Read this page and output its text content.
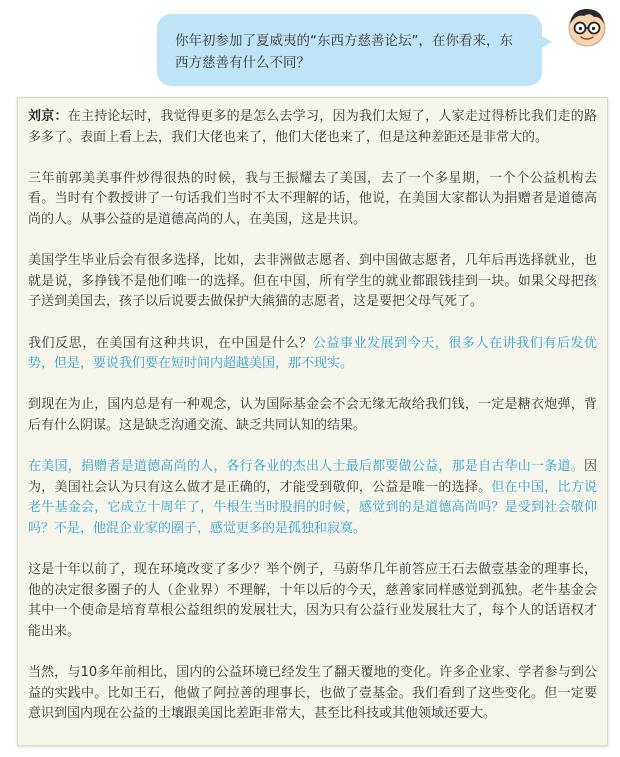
你年初参加了夏威夷的“东西方慈善论坛”，在你看来，东西方慈善有什么不同？

刘京：在主持论坛时，我觉得更多的是怎么去学习，因为我们太短了，人家走过得桥比我们走的路多多了。表面上看上去，我们大佬也来了，他们大佬也来了，但是这种差距还是非常大的。

三年前郭美美事件炒得很热的时候，我与王振耀去了美国，去了一个多星期，一个个公益机构去看。当时有个教授讲了一句话我们当时不太不理解的话，他说，在美国大家都认为捐赠者是道德高尚的人。从事公益的是道德高尚的人，在美国，这是共识。

美国学生毕业后会有很多选择，比如，去非洲做志愿者、到中国做志愿者，几年后再选择就业，也就是说，多挣钱不是他们唯一的选择。但在中国，所有学生的就业都跟钱挂到一块。如果父母把孩子送到美国去，孩子以后说要去做保护大熊猫的志愿者，这是要把父母气死了。

我们反思，在美国有这种共识，在中国是什么？公益事业发展到今天，很多人在讲我们有后发优势，但是，要说我们要在短时间内超越美国，那不现实。

到现在为止，国内总是有一种观念，认为国际基金会不会无缘无故给我们钱，一定是糖衣炮弹，背后有什么阴谋。这是缺乏沟通交流、缺乏共同认知的结果。

在美国，捐赠者是道德高尚的人，各行各业的杰出人士最后都要做公益，那是自古华山一条道。因为，美国社会认为只有这么做才是正确的，才能受到敬仰，公益是唯一的选择。但在中国，比方说老牛基金会，它成立十周年了，牛根生当时股捐的时候，感觉到的是道德高尚吗？是受到社会敬仰吗？不是，他混企业家的圈子，感觉更多的是孤独和寂寞。

这是十年以前了，现在环境改变了多少？举个例子，马蔚华几年前答应王石去做壹基金的理事长，他的决定很多圈子的人（企业界）不理解，十年以后的今天，慈善家同样感觉到孤独。老牛基金会其中一个使命是培育草根公益组织的发展壮大，因为只有公益行业发展壮大了，每个人的话语权才能出来。

当然，与10多年前相比，国内的公益环境已经发生了翻天覆地的变化。许多企业家、学者参与到公益的实践中。比如王石，他做了阿拉善的理事长，也做了壹基金。我们看到了这些变化。但一定要意识到国内现在公益的土壤跟美国比差距非常大，甚至比科技或其他领域还要大。
